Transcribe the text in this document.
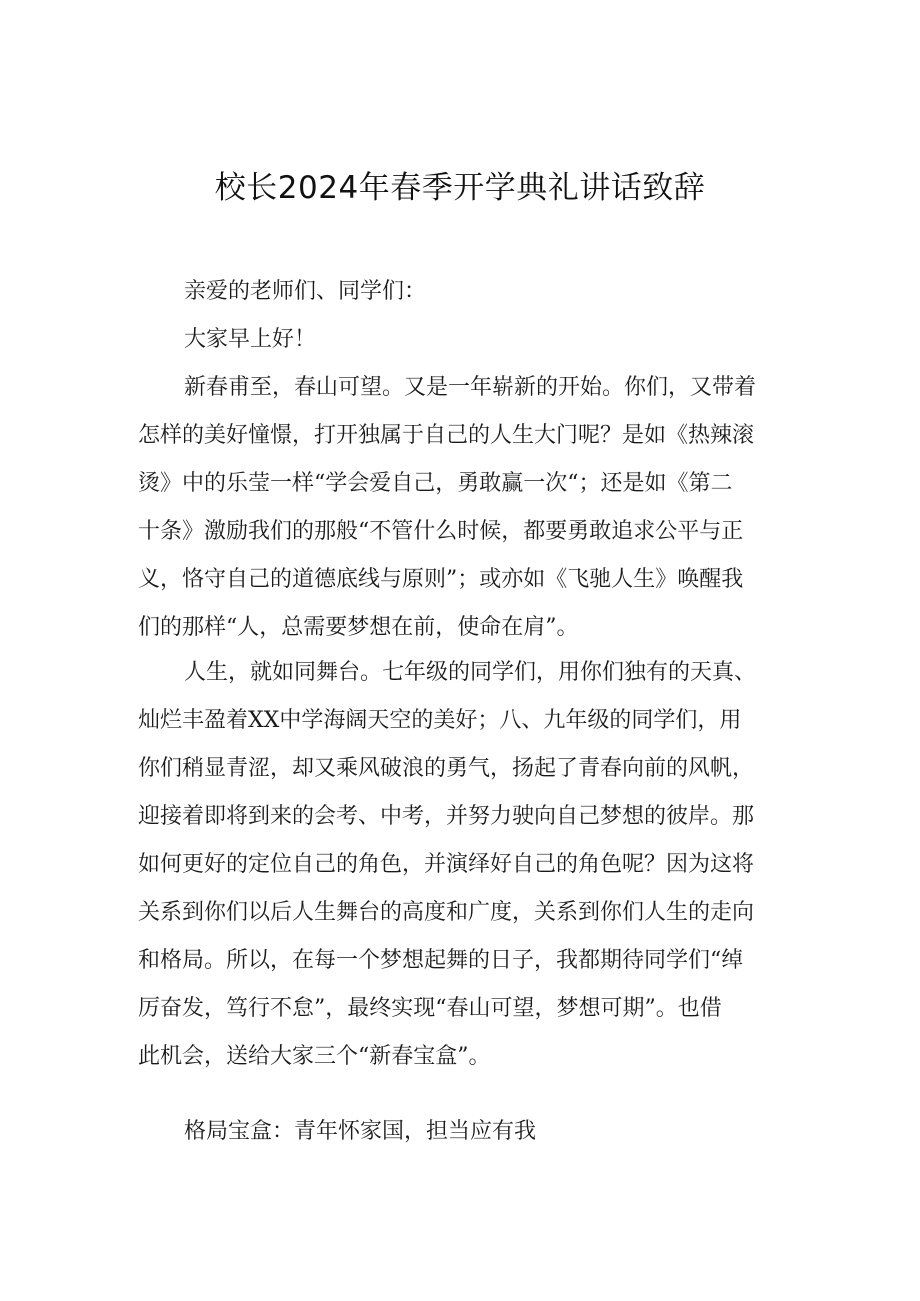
校长2024年春季开学典礼讲话致辞

亲爱的老师们、同学们：

大家早上好！

新春甫至，春山可望。又是一年崭新的开始。你们，又带着

怎样的美好憧憬，打开独属于自己的人生大门呢？是如《热辣滚

烫》中的乐莹一样“学会爱自己，勇敢赢一次“；还是如《第二

十条》激励我们的那般“不管什么时候，都要勇敢追求公平与正

义，恪守自己的道德底线与原则”；或亦如《飞驰人生》唤醒我

们的那样“人，总需要梦想在前，使命在肩”。

人生，就如同舞台。七年级的同学们，用你们独有的天真、

灿烂丰盈着XX中学海阔天空的美好；八、九年级的同学们，用

你们稍显青涩，却又乘风破浪的勇气，扬起了青春向前的风帆，

迎接着即将到来的会考、中考，并努力驶向自己梦想的彼岸。那

如何更好的定位自己的角色，并演绎好自己的角色呢？因为这将

关系到你们以后人生舞台的高度和广度，关系到你们人生的走向

和格局。所以，在每一个梦想起舞的日子，我都期待同学们“绰

厉奋发，笃行不怠”，最终实现“春山可望，梦想可期”。也借

此机会，送给大家三个“新春宝盒”。

格局宝盒：青年怀家国，担当应有我
